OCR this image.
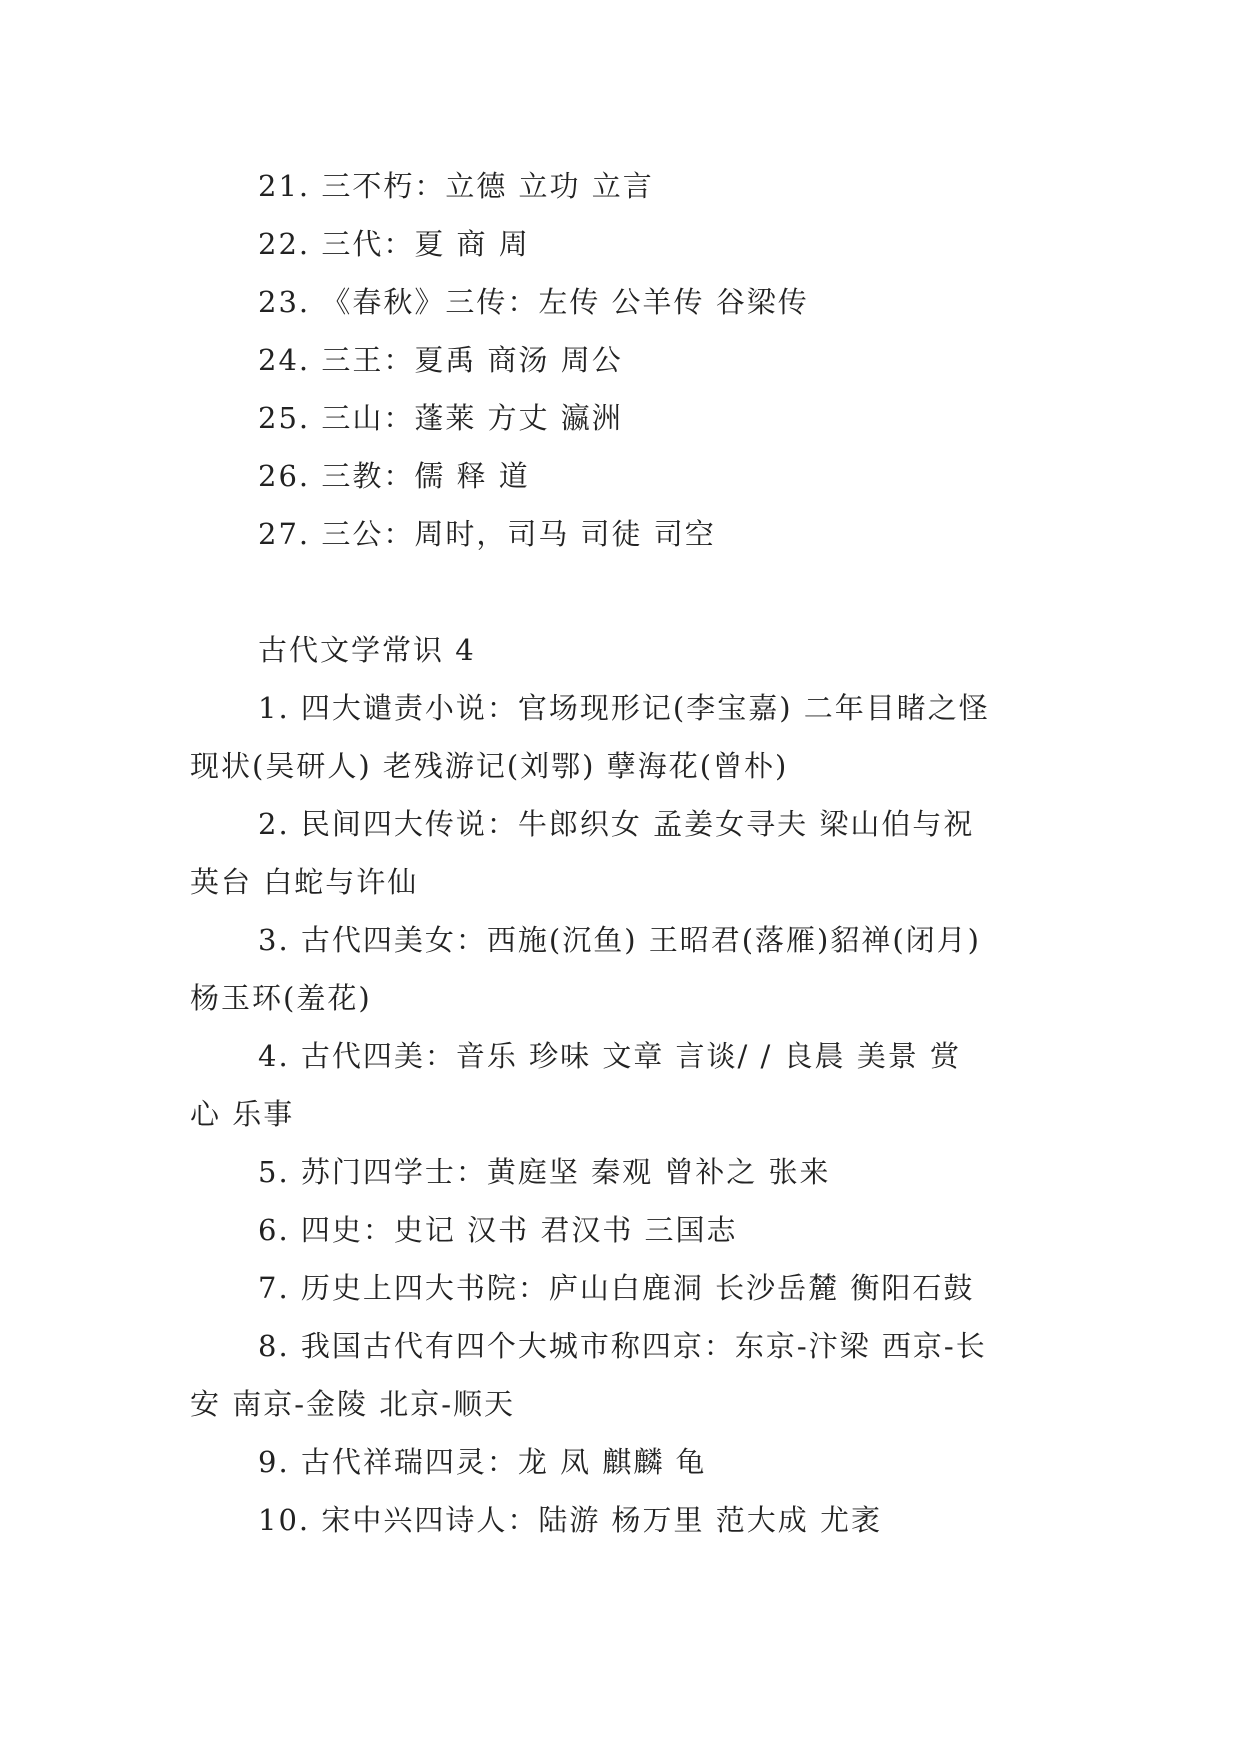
21. 三不朽：立德 立功 立言
22. 三代：夏 商 周
23. 《春秋》三传：左传 公羊传 谷梁传
24. 三王：夏禹 商汤 周公
25. 三山：蓬莱 方丈 瀛洲
26. 三教：儒 释 道
27. 三公：周时，司马 司徒 司空
古代文学常识 4
1. 四大谴责小说：官场现形记(李宝嘉) 二年目睹之怪
现状(吴研人) 老残游记(刘鄂) 孽海花(曾朴)
2. 民间四大传说：牛郎织女 孟姜女寻夫 梁山伯与祝
英台 白蛇与许仙
3. 古代四美女：西施(沉鱼) 王昭君(落雁)貂禅(闭月)
杨玉环(羞花)
4. 古代四美：音乐 珍味 文章 言谈/ / 良晨 美景 赏
心 乐事
5. 苏门四学士：黄庭坚 秦观 曾补之 张来
6. 四史：史记 汉书 君汉书 三国志
7. 历史上四大书院：庐山白鹿洞 长沙岳麓 衡阳石鼓
8. 我国古代有四个大城市称四京：东京-汴梁 西京-长
安 南京-金陵 北京-顺天
9. 古代祥瑞四灵：龙 凤 麒麟 龟
10. 宋中兴四诗人：陆游 杨万里 范大成 尤袤
